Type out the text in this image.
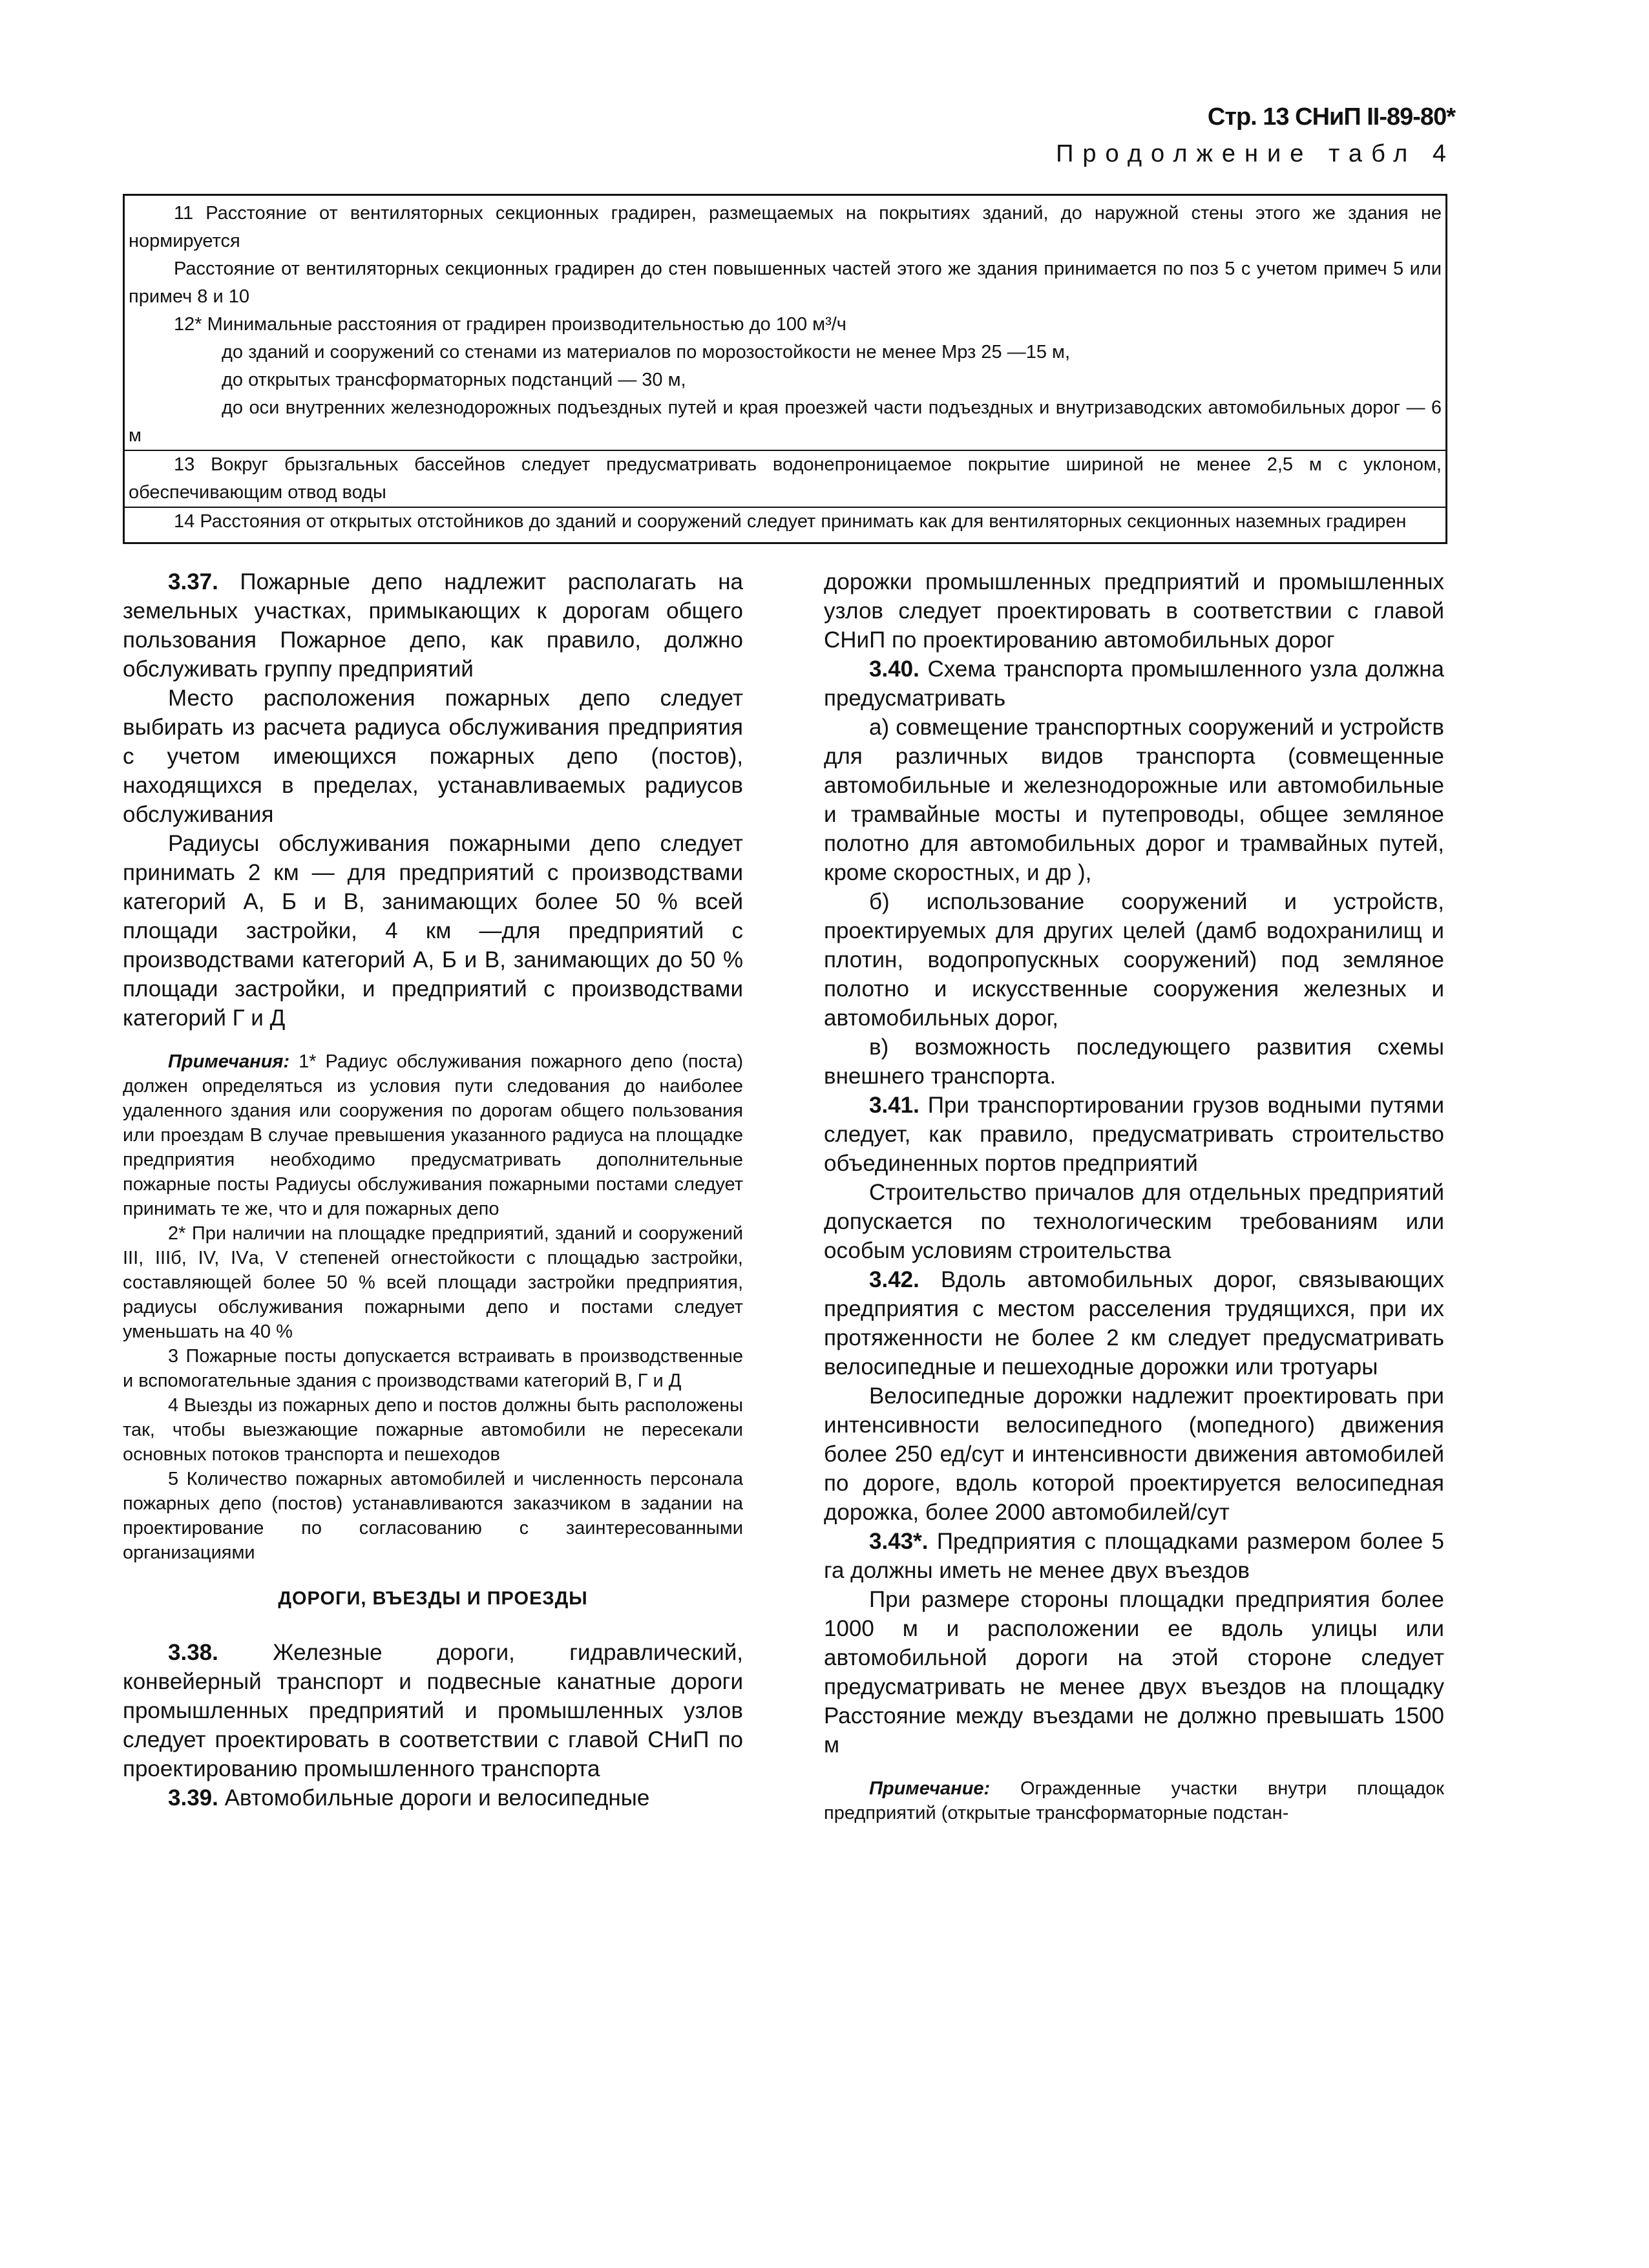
Стр. 13 СНиП II-89-80*
Продолжение табл 4

11 Расстояние от вентиляторных секционных градирен, размещаемых на покрытиях зданий, до наружной стены этого же здания не нормируется

Расстояние от вентиляторных секционных градирен до стен повышенных частей этого же здания принимается по поз 5 с учетом примеч 5 или примеч 8 и 10

12* Минимальные расстояния от градирен производительностью до 100 м³/ч

до зданий и сооружений со стенами из материалов по морозостойкости не менее Мрз 25 —15 м,

до открытых трансформаторных подстанций — 30 м,

до оси внутренних железнодорожных подъездных путей и края проезжей части подъездных и внутризаводских автомобильных дорог — 6 м

13 Вокруг брызгальных бассейнов следует предусматривать водонепроницаемое покрытие шириной не менее 2,5 м с уклоном, обеспечивающим отвод воды

14 Расстояния от открытых отстойников до зданий и сооружений следует принимать как для вентиляторных секционных наземных градирен

3.37. Пожарные депо надлежит располагать на земельных участках, примыкающих к дорогам общего пользования Пожарное депо, как правило, должно обслуживать группу предприятий

Место расположения пожарных депо следует выбирать из расчета радиуса обслуживания предприятия с учетом имеющихся пожарных депо (постов), находящихся в пределах, устанавливаемых радиусов обслуживания

Радиусы обслуживания пожарными депо следует принимать 2 км — для предприятий с производствами категорий А, Б и В, занимающих более 50 % всей площади застройки, 4 км —для предприятий с производствами категорий А, Б и В, занимающих до 50 % площади застройки, и предприятий с производствами категорий Г и Д

Примечания: 1* Радиус обслуживания пожарного депо (поста) должен определяться из условия пути следования до наиболее удаленного здания или сооружения по дорогам общего пользования или проездам В случае превышения указанного радиуса на площадке предприятия необходимо предусматривать дополнительные пожарные посты Радиусы обслуживания пожарными постами следует принимать те же, что и для пожарных депо

2* При наличии на площадке предприятий, зданий и сооружений III, IIIб, IV, IVа, V степеней огнестойкости с площадью застройки, составляющей более 50 % всей площади застройки предприятия, радиусы обслуживания пожарными депо и постами следует уменьшать на 40 %

3 Пожарные посты допускается встраивать в производственные и вспомогательные здания с производствами категорий В, Г и Д

4 Выезды из пожарных депо и постов должны быть расположены так, чтобы выезжающие пожарные автомобили не пересекали основных потоков транспорта и пешеходов

5 Количество пожарных автомобилей и численность персонала пожарных депо (постов) устанавливаются заказчиком в задании на проектирование по согласованию с заинтересованными организациями

ДОРОГИ, ВЪЕЗДЫ И ПРОЕЗДЫ

3.38. Железные дороги, гидравлический, конвейерный транспорт и подвесные канатные дороги промышленных предприятий и промышленных узлов следует проектировать в соответствии с главой СНиП по проектированию промышленного транспорта

3.39. Автомобильные дороги и велосипедные

дорожки промышленных предприятий и промышленных узлов следует проектировать в соответствии с главой СНиП по проектированию автомобильных дорог

3.40. Схема транспорта промышленного узла должна предусматривать

а) совмещение транспортных сооружений и устройств для различных видов транспорта (совмещенные автомобильные и железнодорожные или автомобильные и трамвайные мосты и путепроводы, общее земляное полотно для автомобильных дорог и трамвайных путей, кроме скоростных, и др ),

б) использование сооружений и устройств, проектируемых для других целей (дамб водохранилищ и плотин, водопропускных сооружений) под земляное полотно и искусственные сооружения железных и автомобильных дорог,

в) возможность последующего развития схемы внешнего транспорта.

3.41. При транспортировании грузов водными путями следует, как правило, предусматривать строительство объединенных портов предприятий

Строительство причалов для отдельных предприятий допускается по технологическим требованиям или особым условиям строительства

3.42. Вдоль автомобильных дорог, связывающих предприятия с местом расселения трудящихся, при их протяженности не более 2 км следует предусматривать велосипедные и пешеходные дорожки или тротуары

Велосипедные дорожки надлежит проектировать при интенсивности велосипедного (мопедного) движения более 250 ед/сут и интенсивности движения автомобилей по дороге, вдоль которой проектируется велосипедная дорожка, более 2000 автомобилей/сут

3.43*. Предприятия с площадками размером более 5 га должны иметь не менее двух въездов

При размере стороны площадки предприятия более 1000 м и расположении ее вдоль улицы или автомобильной дороги на этой стороне следует предусматривать не менее двух въездов на площадку Расстояние между въездами не должно превышать 1500 м

Примечание: Огражденные участки внутри площадок предприятий (открытые трансформаторные подстан-
